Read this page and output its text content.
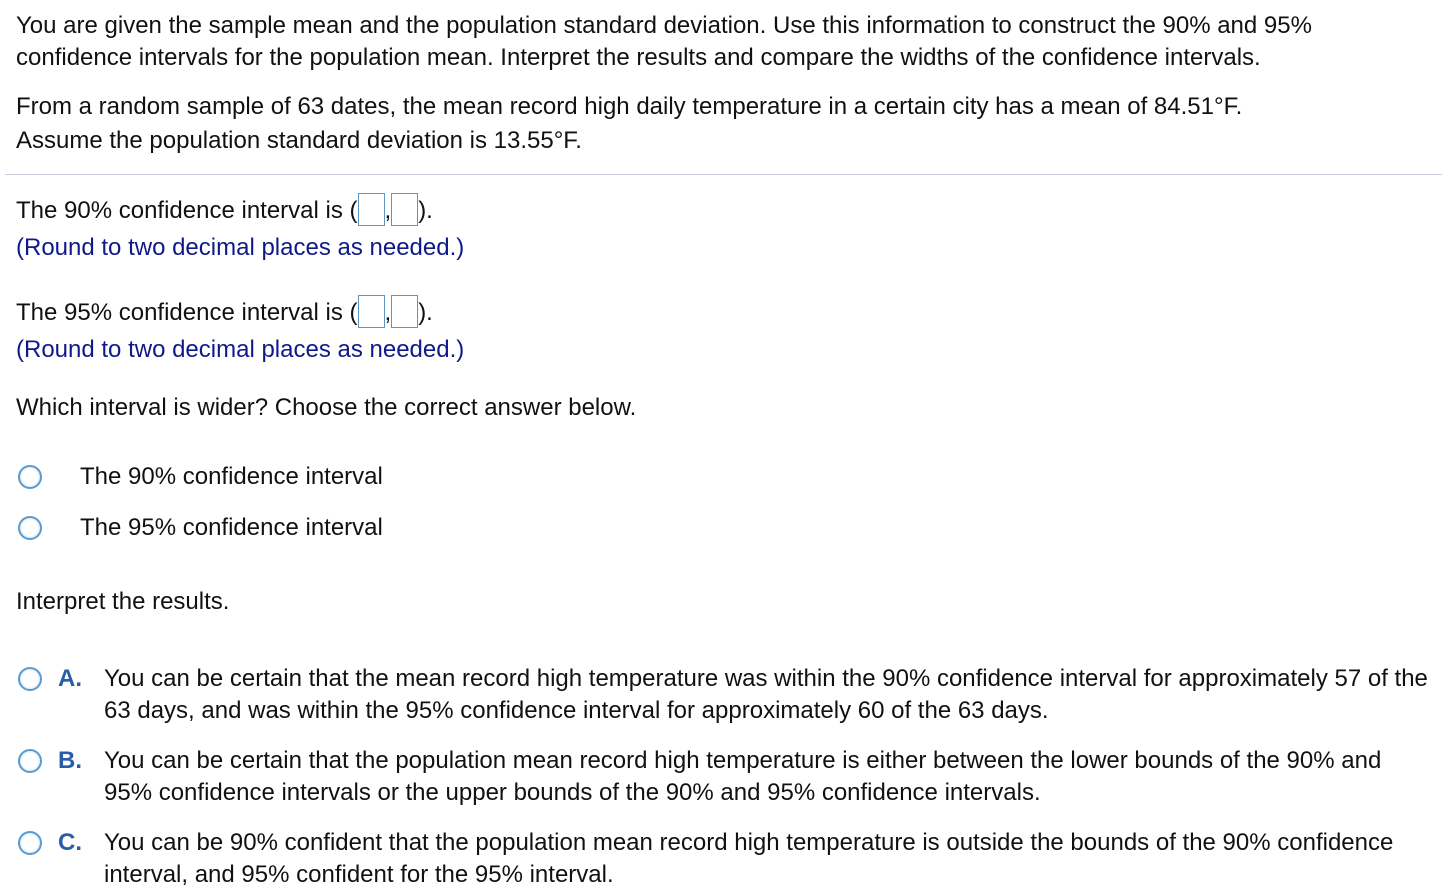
You are given the sample mean and the population standard deviation. Use this information to construct the 90% and 95% confidence intervals for the population mean. Interpret the results and compare the widths of the confidence intervals.

From a random sample of 63 dates, the mean record high daily temperature in a certain city has a mean of 84.51°F.
Assume the population standard deviation is 13.55°F.

The 90% confidence interval is ( , ).
(Round to two decimal places as needed.)
The 95% confidence interval is ( , ).
(Round to two decimal places as needed.)
Which interval is wider? Choose the correct answer below.
The 90% confidence interval
The 95% confidence interval
Interpret the results.
A. You can be certain that the mean record high temperature was within the 90% confidence interval for approximately 57 of the 63 days, and was within the 95% confidence interval for approximately 60 of the 63 days.
B. You can be certain that the population mean record high temperature is either between the lower bounds of the 90% and 95% confidence intervals or the upper bounds of the 90% and 95% confidence intervals.
C. You can be 90% confident that the population mean record high temperature is outside the bounds of the 90% confidence interval, and 95% confident for the 95% interval.
